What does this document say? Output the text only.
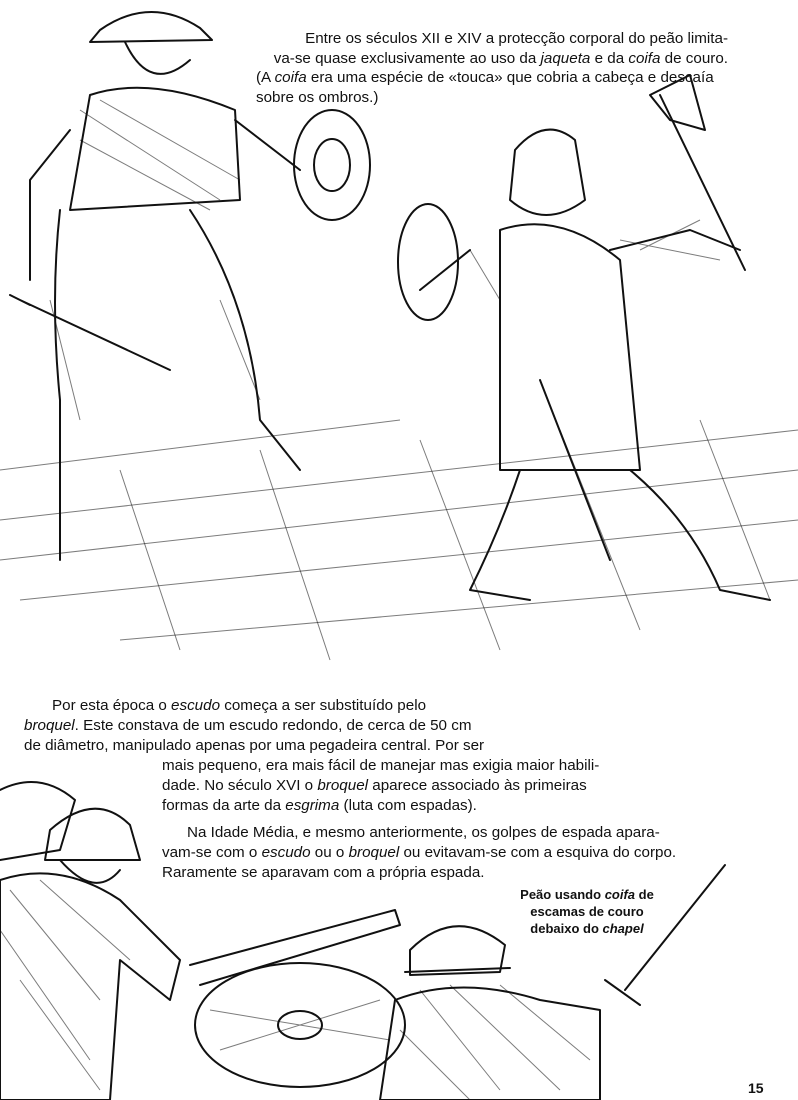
Entre os séculos XII e XIV a protecção corporal do peão limita-

va-se quase exclusivamente ao uso da jaqueta e da coifa de couro.

(A coifa era uma espécie de «touca» que cobria a cabeça e descaía

sobre os ombros.)

Por esta época o escudo começa a ser substituído pelo

broquel. Este constava de um escudo redondo, de cerca de 50 cm

de diâmetro, manipulado apenas por uma pegadeira central. Por ser

mais pequeno, era mais fácil de manejar mas exigia maior habili-

dade. No século XVI o broquel aparece associado às primeiras

formas da arte da esgrima (luta com espadas).

Na Idade Média, e mesmo anteriormente, os golpes de espada apara-

vam-se com o escudo ou o broquel ou evitavam-se com a esquiva do corpo.

Raramente se aparavam com a própria espada.

Peão usando coifa de
escamas de couro
debaixo do chapel
15
